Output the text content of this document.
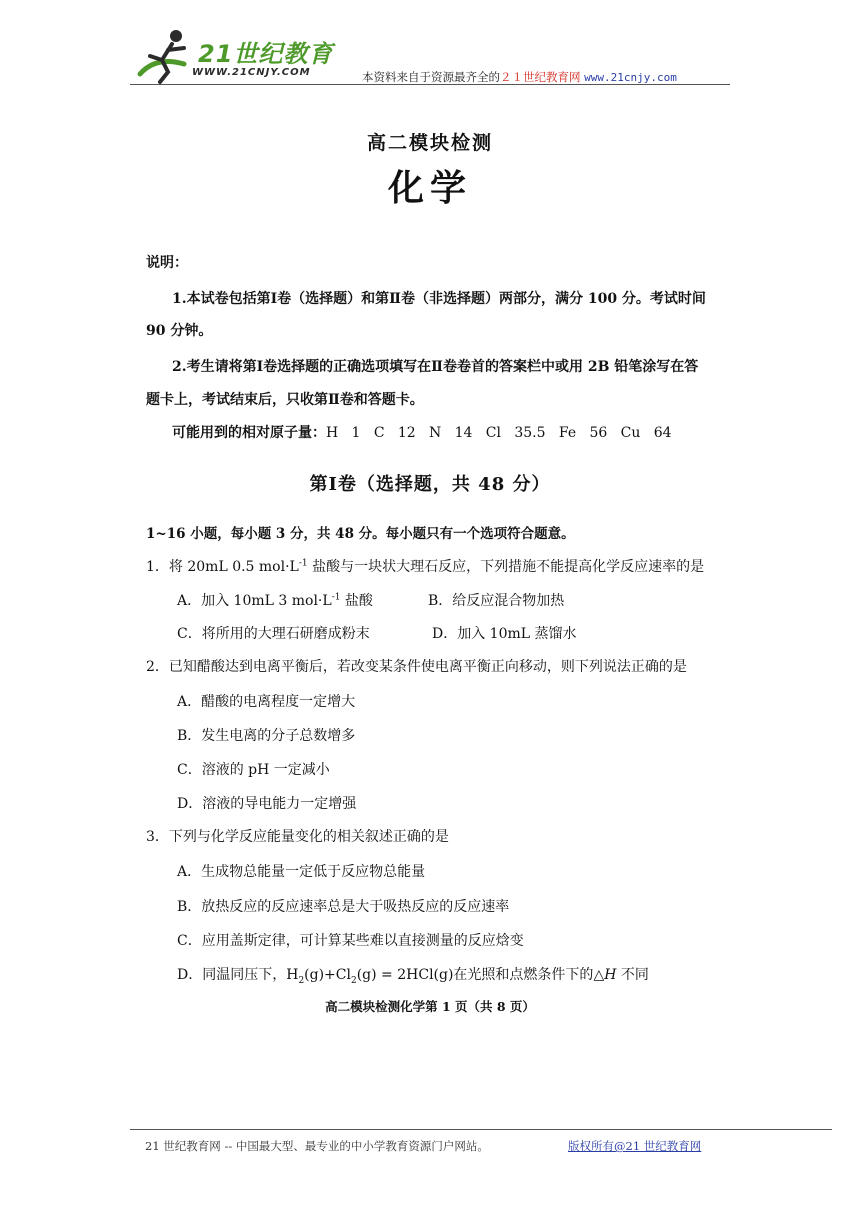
21世纪教育
WWW.21CNJY.COM	本资料来自于资源最齐全的２１世纪教育网 www.21cnjy.com
高二模块检测
化学
说明：
1.本试卷包括第Ⅰ卷（选择题）和第Ⅱ卷（非选择题）两部分，满分 100 分。考试时间
90 分钟。
2.考生请将第Ⅰ卷选择题的正确选项填写在Ⅱ卷卷首的答案栏中或用 2B 铅笔涂写在答
题卡上，考试结束后，只收第Ⅱ卷和答题卡。
可能用到的相对原子量：H   1   C   12   N   14   Cl   35.5   Fe   56   Cu   64
第Ⅰ卷（选择题，共 48 分）
1~16 小题，每小题 3 分，共 48 分。每小题只有一个选项符合题意。
1．将 20mL 0.5 $mol\cdot L^{-1}$ 盐酸与一块状大理石反应，下列措施不能提高化学反应速率的是
A．加入 10mL 3 $mol\cdot L^{-1}$ 盐酸	B．给反应混合物加热
C．将所用的大理石研磨成粉末	D．加入 10mL 蒸馏水
2．已知醋酸达到电离平衡后，若改变某条件使电离平衡正向移动，则下列说法正确的是
A．醋酸的电离程度一定增大
B．发生电离的分子总数增多
C．溶液的 pH 一定减小
D．溶液的导电能力一定增强
3．下列与化学反应能量变化的相关叙述正确的是
A．生成物总能量一定低于反应物总能量
B．放热反应的反应速率总是大于吸热反应的反应速率
C．应用盖斯定律，可计算某些难以直接测量的反应焓变
D．同温同压下，$H_2(g)+Cl_2(g) = 2HCl(g)$在光照和点燃条件下的△H 不同
高二模块检测化学第 1 页（共 8 页）
21 世纪教育网 -- 中国最大型、最专业的中小学教育资源门户网站。	版权所有@21 世纪教育网
